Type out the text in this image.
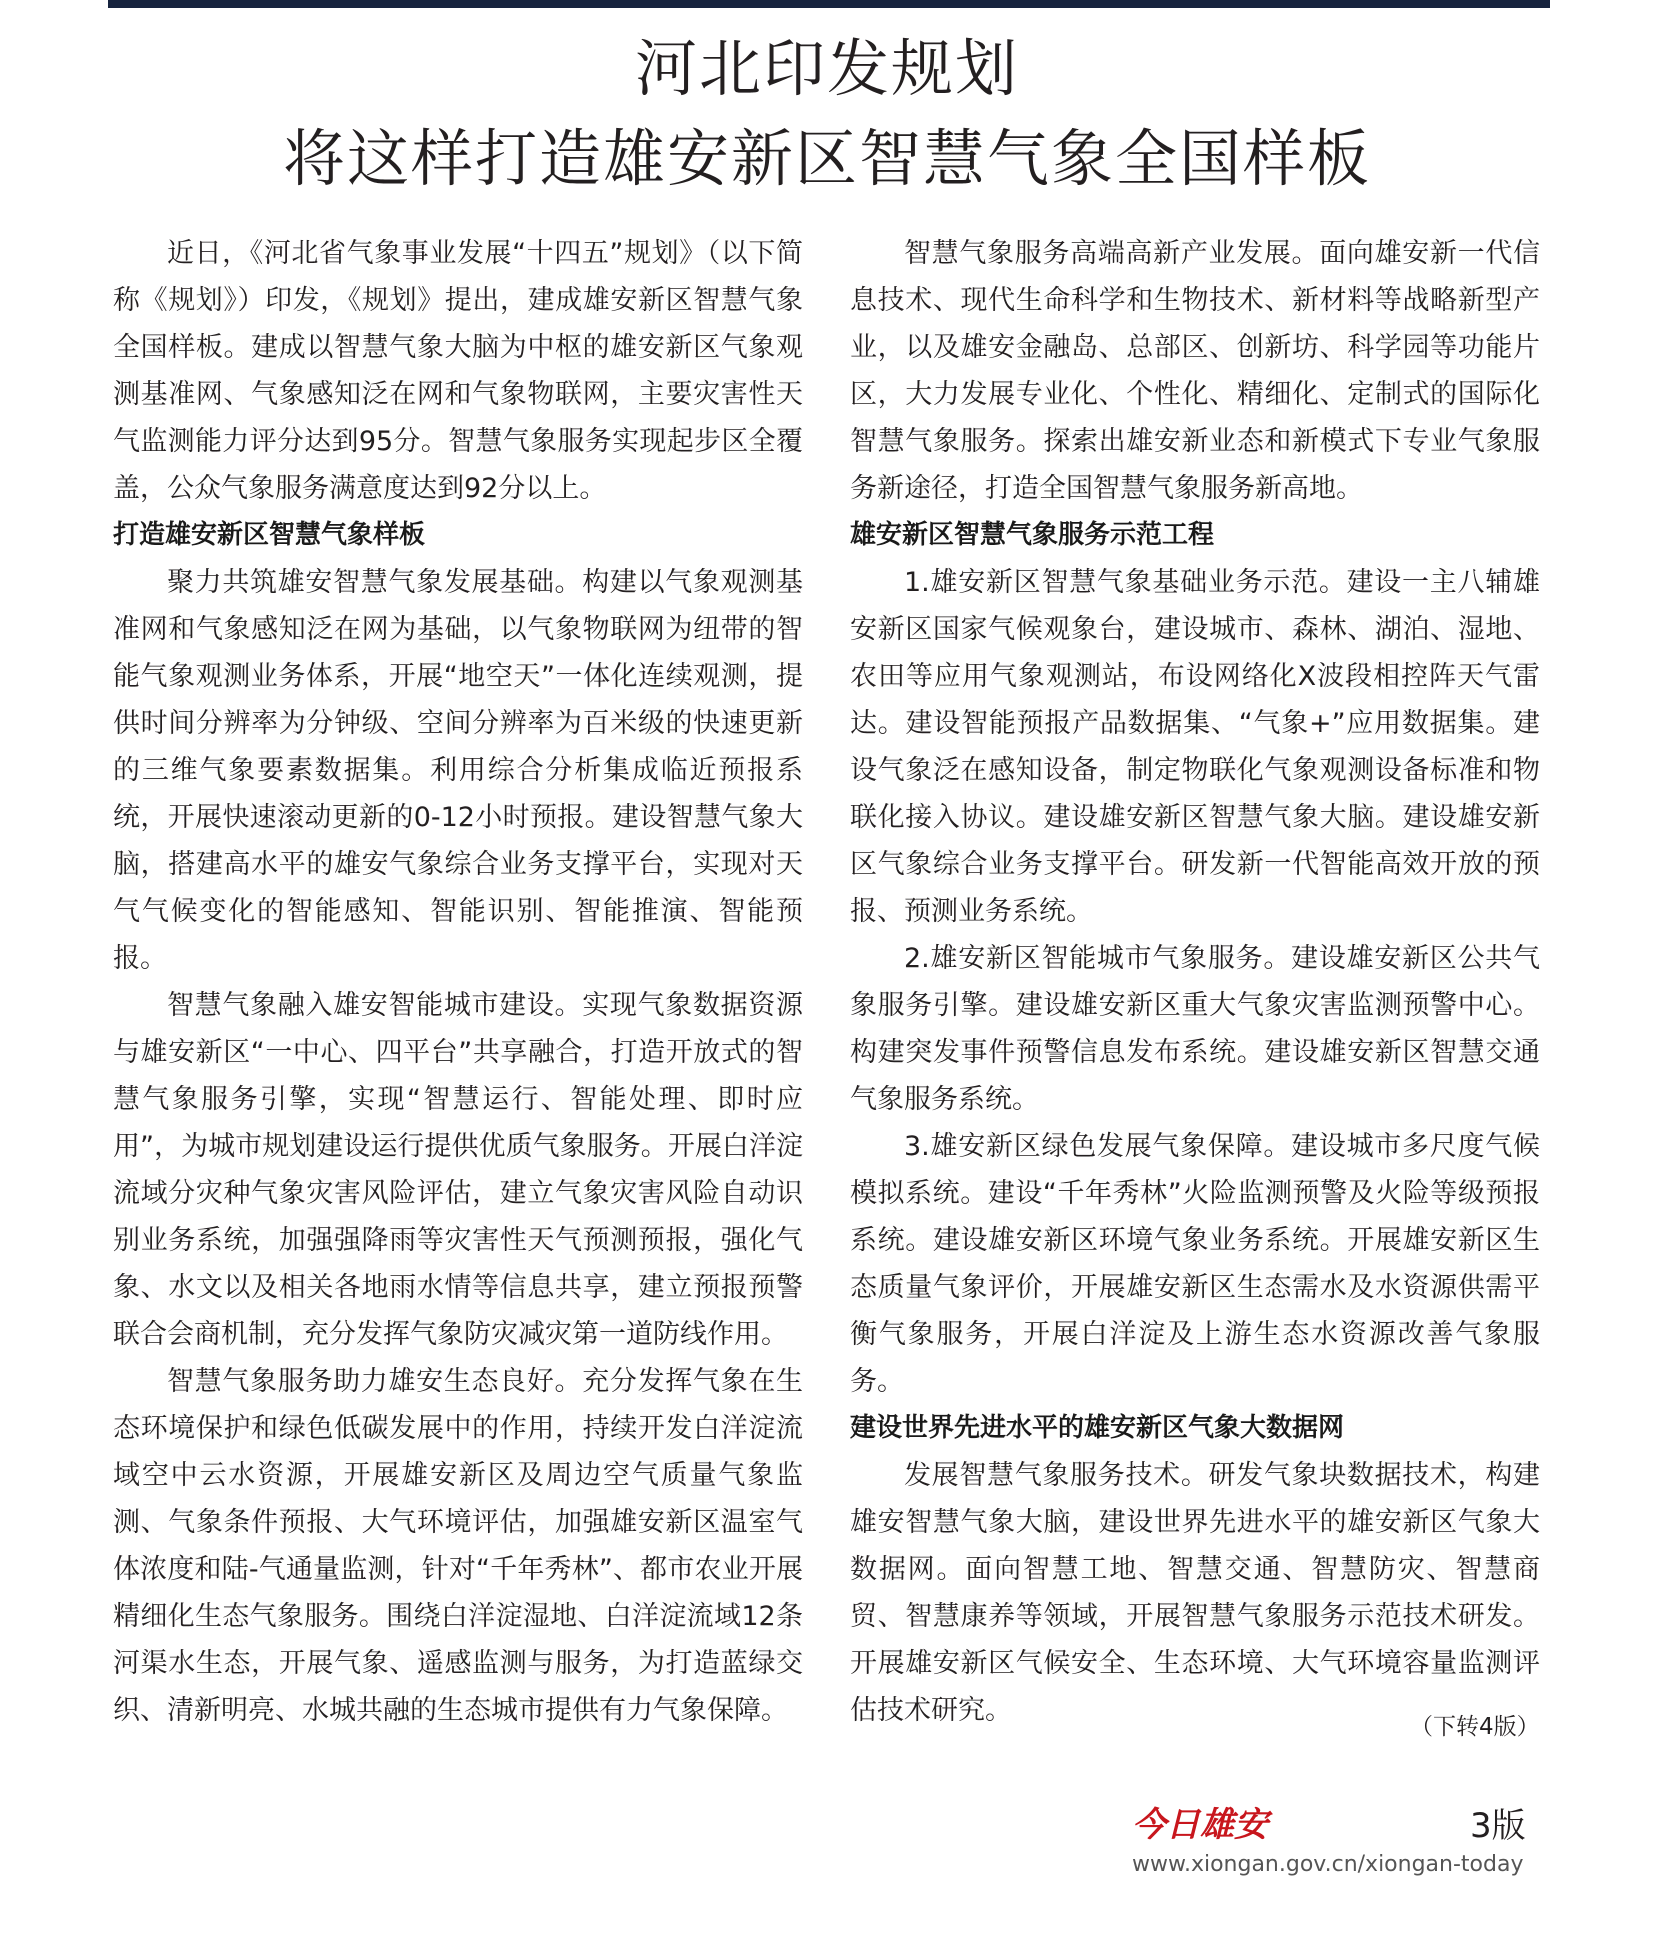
河北印发规划
将这样打造雄安新区智慧气象全国样板

近日，《河北省气象事业发展“十四五”规划》（以下简称《规划》）印发，《规划》提出，建成雄安新区智慧气象全国样板。建成以智慧气象大脑为中枢的雄安新区气象观测基准网、气象感知泛在网和气象物联网，主要灾害性天气监测能力评分达到95分。智慧气象服务实现起步区全覆盖，公众气象服务满意度达到92分以上。

打造雄安新区智慧气象样板

聚力共筑雄安智慧气象发展基础。构建以气象观测基准网和气象感知泛在网为基础，以气象物联网为纽带的智能气象观测业务体系，开展“地空天”一体化连续观测，提供时间分辨率为分钟级、空间分辨率为百米级的快速更新的三维气象要素数据集。利用综合分析集成临近预报系统，开展快速滚动更新的0-12小时预报。建设智慧气象大脑，搭建高水平的雄安气象综合业务支撑平台，实现对天气气候变化的智能感知、智能识别、智能推演、智能预报。

智慧气象融入雄安智能城市建设。实现气象数据资源与雄安新区“一中心、四平台”共享融合，打造开放式的智慧气象服务引擎，实现“智慧运行、智能处理、即时应用”，为城市规划建设运行提供优质气象服务。开展白洋淀流域分灾种气象灾害风险评估，建立气象灾害风险自动识别业务系统，加强强降雨等灾害性天气预测预报，强化气象、水文以及相关各地雨水情等信息共享，建立预报预警联合会商机制，充分发挥气象防灾减灾第一道防线作用。

智慧气象服务助力雄安生态良好。充分发挥气象在生态环境保护和绿色低碳发展中的作用，持续开发白洋淀流域空中云水资源，开展雄安新区及周边空气质量气象监测、气象条件预报、大气环境评估，加强雄安新区温室气体浓度和陆-气通量监测，针对“千年秀林”、都市农业开展精细化生态气象服务。围绕白洋淀湿地、白洋淀流域12条河渠水生态，开展气象、遥感监测与服务，为打造蓝绿交织、清新明亮、水城共融的生态城市提供有力气象保障。

智慧气象服务高端高新产业发展。面向雄安新一代信息技术、现代生命科学和生物技术、新材料等战略新型产业，以及雄安金融岛、总部区、创新坊、科学园等功能片区，大力发展专业化、个性化、精细化、定制式的国际化智慧气象服务。探索出雄安新业态和新模式下专业气象服务新途径，打造全国智慧气象服务新高地。

雄安新区智慧气象服务示范工程

1.雄安新区智慧气象基础业务示范。建设一主八辅雄安新区国家气候观象台，建设城市、森林、湖泊、湿地、农田等应用气象观测站，布设网络化X波段相控阵天气雷达。建设智能预报产品数据集、“气象+”应用数据集。建设气象泛在感知设备，制定物联化气象观测设备标准和物联化接入协议。建设雄安新区智慧气象大脑。建设雄安新区气象综合业务支撑平台。研发新一代智能高效开放的预报、预测业务系统。

2.雄安新区智能城市气象服务。建设雄安新区公共气象服务引擎。建设雄安新区重大气象灾害监测预警中心。构建突发事件预警信息发布系统。建设雄安新区智慧交通气象服务系统。

3.雄安新区绿色发展气象保障。建设城市多尺度气候模拟系统。建设“千年秀林”火险监测预警及火险等级预报系统。建设雄安新区环境气象业务系统。开展雄安新区生态质量气象评价，开展雄安新区生态需水及水资源供需平衡气象服务，开展白洋淀及上游生态水资源改善气象服务。

建设世界先进水平的雄安新区气象大数据网

发展智慧气象服务技术。研发气象块数据技术，构建雄安智慧气象大脑，建设世界先进水平的雄安新区气象大数据网。面向智慧工地、智慧交通、智慧防灾、智慧商贸、智慧康养等领域，开展智慧气象服务示范技术研发。开展雄安新区气候安全、生态环境、大气环境容量监测评估技术研究。

（下转4版）
今日雄安	3版
www.xiongan.gov.cn/xiongan-today
